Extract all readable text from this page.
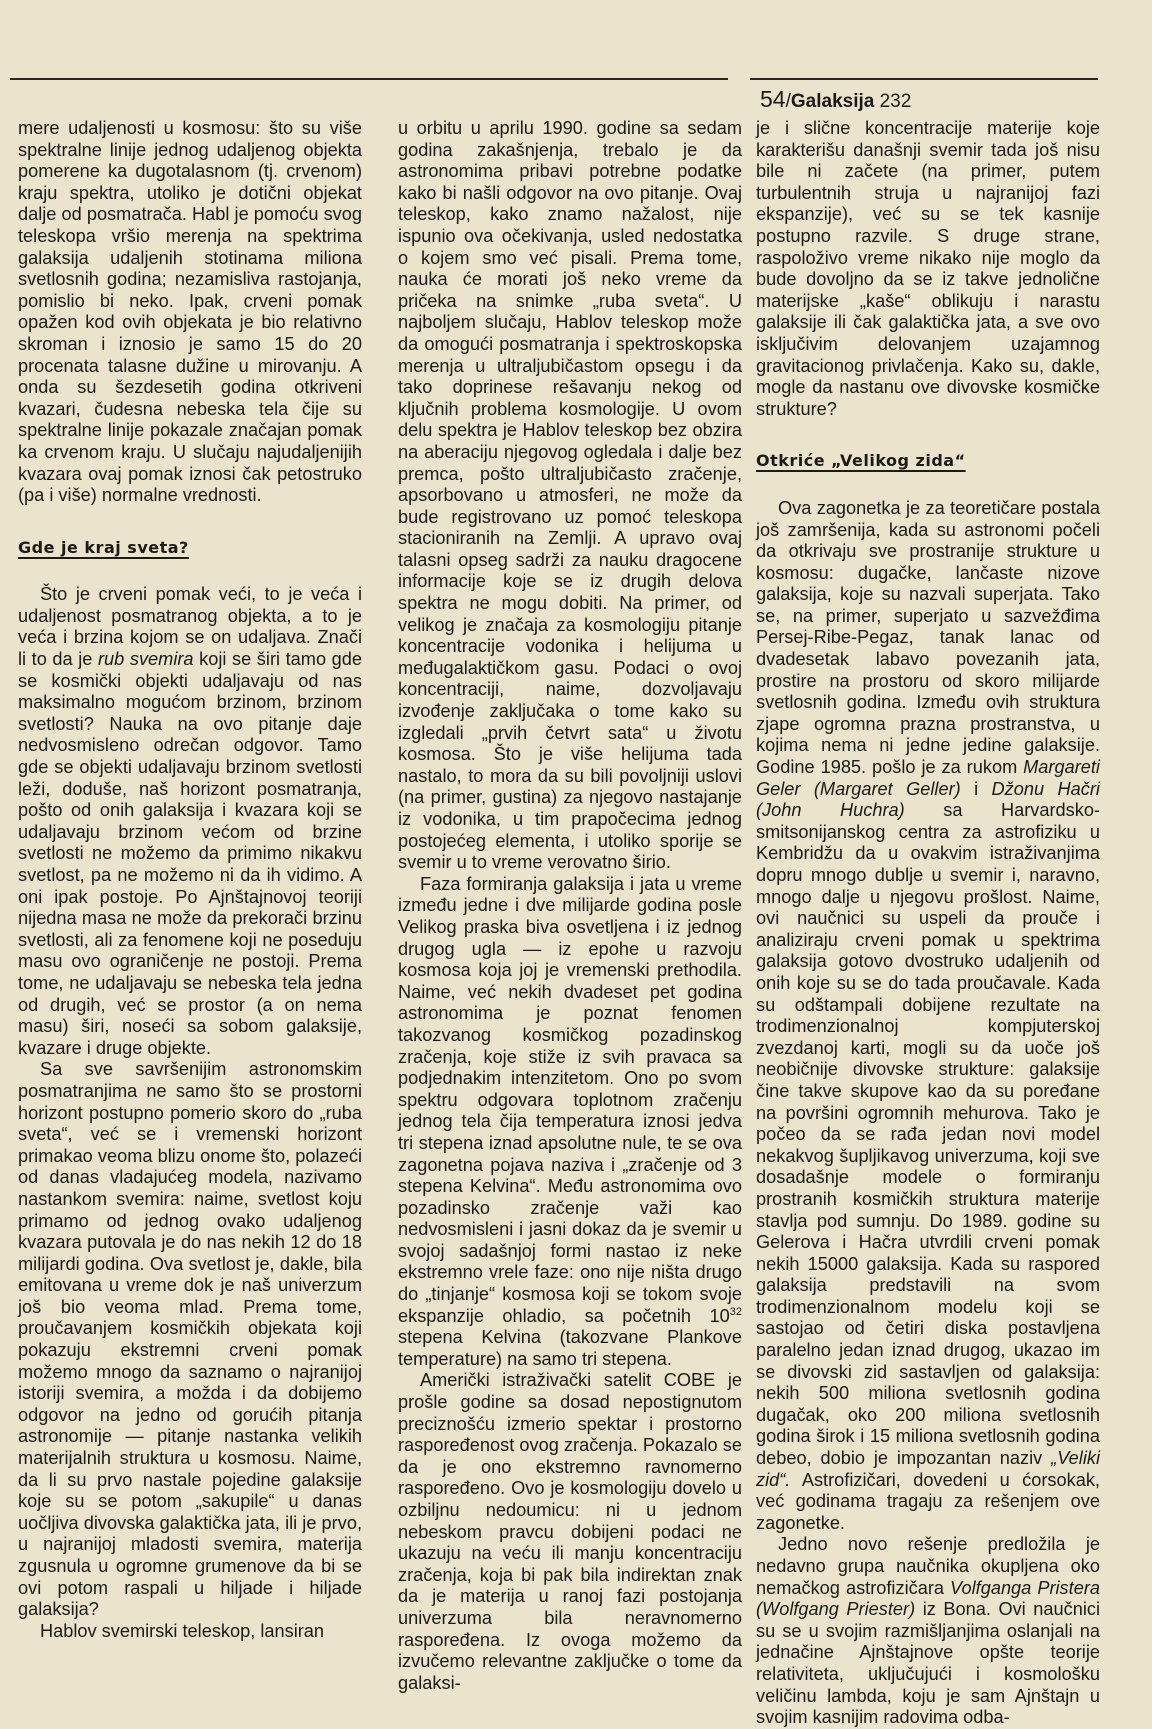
54/Galaksija 232

mere udaljenosti u kosmosu: što su više spektralne linije jednog udaljenog objekta pomerene ka dugotalasnom (tj. crvenom) kraju spektra, utoliko je dotični objekat dalje od posmatrača. Habl je pomoću svog teleskopa vršio merenja na spektrima galaksija udaljenih stotinama miliona svetlosnih godina; nezamisliva rastojanja, pomislio bi neko. Ipak, crveni pomak opažen kod ovih objekata je bio relativno skroman i iznosio je samo 15 do 20 procenata talasne dužine u mirovanju. A onda su šezdesetih godina otkriveni kvazari, čudesna nebeska tela čije su spektralne linije pokazale značajan pomak ka crvenom kraju. U slučaju najudaljenijih kvazara ovaj pomak iznosi čak petostruko (pa i više) normalne vrednosti.

Gde je kraj sveta?

Što je crveni pomak veći, to je veća i udaljenost posmatranog objekta, a to je veća i brzina kojom se on udaljava. Znači li to da je rub svemira koji se širi tamo gde se kosmički objekti udaljavaju od nas maksimalno mogućom brzinom, brzinom svetlosti? Nauka na ovo pitanje daje nedvosmisleno odrečan odgovor. Tamo gde se objekti udaljavaju brzinom svetlosti leži, doduše, naš horizont posmatranja, pošto od onih galaksija i kvazara koji se udaljavaju brzinom većom od brzine svetlosti ne možemo da primimo nikakvu svetlost, pa ne možemo ni da ih vidimo. A oni ipak postoje. Po Ajnštajnovoj teoriji nijedna masa ne može da prekorači brzinu svetlosti, ali za fenomene koji ne poseduju masu ovo ograničenje ne postoji. Prema tome, ne udaljavaju se nebeska tela jedna od drugih, već se prostor (a on nema masu) širi, noseći sa sobom galaksije, kvazare i druge objekte.

Sa sve savršenijim astronomskim posmatranjima ne samo što se prostorni horizont postupno pomerio skoro do „ruba sveta“, već se i vremenski horizont primakao veoma blizu onome što, polazeći od danas vladajućeg modela, nazivamo nastankom svemira: naime, svetlost koju primamo od jednog ovako udaljenog kvazara putovala je do nas nekih 12 do 18 milijardi godina. Ova svetlost je, dakle, bila emitovana u vreme dok je naš univerzum još bio veoma mlad. Prema tome, proučavanjem kosmičkih objekata koji pokazuju ekstremni crveni pomak možemo mnogo da saznamo o najranijoj istoriji svemira, a možda i da dobijemo odgovor na jedno od gorućih pitanja astronomije — pitanje nastanka velikih materijalnih struktura u kosmosu. Naime, da li su prvo nastale pojedine galaksije koje su se potom „sakupile“ u danas uočljiva divovska galaktička jata, ili je prvo, u najranijoj mladosti svemira, materija zgusnula u ogromne grumenove da bi se ovi potom raspali u hiljade i hiljade galaksija?

Hablov svemirski teleskop, lansiran

u orbitu u aprilu 1990. godine sa sedam godina zakašnjenja, trebalo je da astronomima pribavi potrebne podatke kako bi našli odgovor na ovo pitanje. Ovaj teleskop, kako znamo nažalost, nije ispunio ova očekivanja, usled nedostatka o kojem smo već pisali. Prema tome, nauka će morati još neko vreme da pričeka na snimke „ruba sveta“. U najboljem slučaju, Hablov teleskop može da omogući posmatranja i spektroskopska merenja u ultraljubičastom opsegu i da tako doprinese rešavanju nekog od ključnih problema kosmologije. U ovom delu spektra je Hablov teleskop bez obzira na aberaciju njegovog ogledala i dalje bez premca, pošto ultraljubičasto zračenje, apsorbovano u atmosferi, ne može da bude registrovano uz pomoć teleskopa stacioniranih na Zemlji. A upravo ovaj talasni opseg sadrži za nauku dragocene informacije koje se iz drugih delova spektra ne mogu dobiti. Na primer, od velikog je značaja za kosmologiju pitanje koncentracije vodonika i helijuma u međugalaktičkom gasu. Podaci o ovoj koncentraciji, naime, dozvoljavaju izvođenje zaključaka o tome kako su izgledali „prvih četvrt sata“ u životu kosmosa. Što je više helijuma tada nastalo, to mora da su bili povoljniji uslovi (na primer, gustina) za njegovo nastajanje iz vodonika, u tim prapočecima jednog postojećeg elementa, i utoliko sporije se svemir u to vreme verovatno širio.

Faza formiranja galaksija i jata u vreme između jedne i dve milijarde godina posle Velikog praska biva osvetljena i iz jednog drugog ugla — iz epohe u razvoju kosmosa koja joj je vremenski prethodila. Naime, već nekih dvadeset pet godina astronomima je poznat fenomen takozvanog kosmičkog pozadinskog zračenja, koje stiže iz svih pravaca sa podjednakim intenzitetom. Ono po svom spektru odgovara toplotnom zračenju jednog tela čija temperatura iznosi jedva tri stepena iznad apsolutne nule, te se ova zagonetna pojava naziva i „zračenje od 3 stepena Kelvina“. Među astronomima ovo pozadinsko zračenje važi kao nedvosmisleni i jasni dokaz da je svemir u svojoj sadašnjoj formi nastao iz neke ekstremno vrele faze: ono nije ništa drugo do „tinjanje“ kosmosa koji se tokom svoje ekspanzije ohladio, sa početnih $10^{32}$ stepena Kelvina (takozvane Plankove temperature) na samo tri stepena.

Američki istraživački satelit COBE je prošle godine sa dosad nepostignutom preciznošću izmerio spektar i prostorno raspoređenost ovog zračenja. Pokazalo se da je ono ekstremno ravnomerno raspoređeno. Ovo je kosmologiju dovelo u ozbiljnu nedoumicu: ni u jednom nebeskom pravcu dobijeni podaci ne ukazuju na veću ili manju koncentraciju zračenja, koja bi pak bila indirektan znak da je materija u ranoj fazi postojanja univerzuma bila neravnomerno raspoređena. Iz ovoga možemo da izvučemo relevantne zaključke o tome da galaksi-

je i slične koncentracije materije koje karakterišu današnji svemir tada još nisu bile ni začete (na primer, putem turbulentnih struja u najranijoj fazi ekspanzije), već su se tek kasnije postupno razvile. S druge strane, raspoloživo vreme nikako nije moglo da bude dovoljno da se iz takve jednolične materijske „kaše“ oblikuju i narastu galaksije ili čak galaktička jata, a sve ovo isključivim delovanjem uzajamnog gravitacionog privlačenja. Kako su, dakle, mogle da nastanu ove divovske kosmičke strukture?

Otkriće „Velikog zida“

Ova zagonetka je za teoretičare postala još zamršenija, kada su astronomi počeli da otkrivaju sve prostranije strukture u kosmosu: dugačke, lančaste nizove galaksija, koje su nazvali superjata. Tako se, na primer, superjato u sazvežđima Persej-Ribe-Pegaz, tanak lanac od dvadesetak labavo povezanih jata, prostire na prostoru od skoro milijarde svetlosnih godina. Između ovih struktura zjape ogromna prazna prostranstva, u kojima nema ni jedne jedine galaksije. Godine 1985. pošlo je za rukom Margareti Geler (Margaret Geller) i Džonu Hačri (John Huchra) sa Harvardsko-smitsonijanskog centra za astrofiziku u Kembridžu da u ovakvim istraživanjima dopru mnogo dublje u svemir i, naravno, mnogo dalje u njegovu prošlost. Naime, ovi naučnici su uspeli da prouče i analiziraju crveni pomak u spektrima galaksija gotovo dvostruko udaljenih od onih koje su se do tada proučavale. Kada su odštampali dobijene rezultate na trodimenzionalnoj kompjuterskoj zvezdanoj karti, mogli su da uoče još neobičnije divovske strukture: galaksije čine takve skupove kao da su poređane na površini ogromnih mehurova. Tako je počeo da se rađa jedan novi model nekakvog šupljikavog univerzuma, koji sve dosadašnje modele o formiranju prostranih kosmičkih struktura materije stavlja pod sumnju. Do 1989. godine su Gelerova i Hačra utvrdili crveni pomak nekih 15000 galaksija. Kada su raspored galaksija predstavili na svom trodimenzionalnom modelu koji se sastojao od četiri diska postavljena paralelno jedan iznad drugog, ukazao im se divovski zid sastavljen od galaksija: nekih 500 miliona svetlosnih godina dugačak, oko 200 miliona svetlosnih godina širok i 15 miliona svetlosnih godina debeo, dobio je impozantan naziv „Veliki zid“. Astrofizičari, dovedeni u ćorsokak, već godinama tragaju za rešenjem ove zagonetke.

Jedno novo rešenje predložila je nedavno grupa naučnika okupljena oko nemačkog astrofizičara Volfganga Pristera (Wolfgang Priester) iz Bona. Ovi naučnici su se u svojim razmišljanjima oslanjali na jednačine Ajnštajnove opšte teorije relativiteta, uključujući i kosmološku veličinu lambda, koju je sam Ajnštajn u svojim kasnijim radovima odba-
